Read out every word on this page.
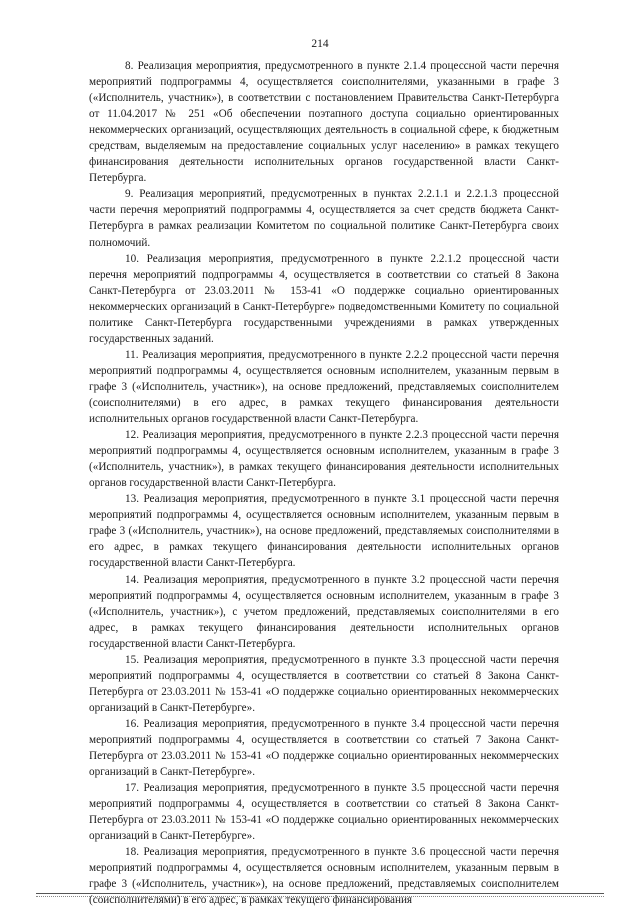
214

8. Реализация мероприятия, предусмотренного в пункте 2.1.4 процессной части перечня мероприятий подпрограммы 4, осуществляется соисполнителями, указанными в графе 3 («Исполнитель, участник»), в соответствии с постановлением Правительства Санкт-Петербурга от 11.04.2017 № 251 «Об обеспечении поэтапного доступа социально ориентированных некоммерческих организаций, осуществляющих деятельность в социальной сфере, к бюджетным средствам, выделяемым на предоставление социальных услуг населению» в рамках текущего финансирования деятельности исполнительных органов государственной власти Санкт-Петербурга.

9. Реализация мероприятий, предусмотренных в пунктах 2.2.1.1 и 2.2.1.3 процессной части перечня мероприятий подпрограммы 4, осуществляется за счет средств бюджета Санкт-Петербурга в рамках реализации Комитетом по социальной политике Санкт-Петербурга своих полномочий.

10. Реализация мероприятия, предусмотренного в пункте 2.2.1.2 процессной части перечня мероприятий подпрограммы 4, осуществляется в соответствии со статьей 8 Закона Санкт-Петербурга от 23.03.2011 № 153-41 «О поддержке социально ориентированных некоммерческих организаций в Санкт-Петербурге» подведомственными Комитету по социальной политике Санкт-Петербурга государственными учреждениями в рамках утвержденных государственных заданий.

11. Реализация мероприятия, предусмотренного в пункте 2.2.2 процессной части перечня мероприятий подпрограммы 4, осуществляется основным исполнителем, указанным первым в графе 3 («Исполнитель, участник»), на основе предложений, представляемых соисполнителем (соисполнителями) в его адрес, в рамках текущего финансирования деятельности исполнительных органов государственной власти Санкт-Петербурга.

12. Реализация мероприятия, предусмотренного в пункте 2.2.3 процессной части перечня мероприятий подпрограммы 4, осуществляется основным исполнителем, указанным в графе 3 («Исполнитель, участник»), в рамках текущего финансирования деятельности исполнительных органов государственной власти Санкт-Петербурга.

13. Реализация мероприятия, предусмотренного в пункте 3.1 процессной части перечня мероприятий подпрограммы 4, осуществляется основным исполнителем, указанным первым в графе 3 («Исполнитель, участник»), на основе предложений, представляемых соисполнителями в его адрес, в рамках текущего финансирования деятельности исполнительных органов государственной власти Санкт-Петербурга.

14. Реализация мероприятия, предусмотренного в пункте 3.2 процессной части перечня мероприятий подпрограммы 4, осуществляется основным исполнителем, указанным в графе 3 («Исполнитель, участник»), с учетом предложений, представляемых соисполнителями в его адрес, в рамках текущего финансирования деятельности исполнительных органов государственной власти Санкт-Петербурга.

15. Реализация мероприятия, предусмотренного в пункте 3.3 процессной части перечня мероприятий подпрограммы 4, осуществляется в соответствии со статьей 8 Закона Санкт-Петербурга от 23.03.2011 № 153-41 «О поддержке социально ориентированных некоммерческих организаций в Санкт-Петербурге».

16. Реализация мероприятия, предусмотренного в пункте 3.4 процессной части перечня мероприятий подпрограммы 4, осуществляется в соответствии со статьей 7 Закона Санкт-Петербурга от 23.03.2011 № 153-41 «О поддержке социально ориентированных некоммерческих организаций в Санкт-Петербурге».

17. Реализация мероприятия, предусмотренного в пункте 3.5 процессной части перечня мероприятий подпрограммы 4, осуществляется в соответствии со статьей 8 Закона Санкт-Петербурга от 23.03.2011 № 153-41 «О поддержке социально ориентированных некоммерческих организаций в Санкт-Петербурге».

18. Реализация мероприятия, предусмотренного в пункте 3.6 процессной части перечня мероприятий подпрограммы 4, осуществляется основным исполнителем, указанным первым в графе 3 («Исполнитель, участник»), на основе предложений, представляемых соисполнителем (соисполнителями) в его адрес, в рамках текущего финансирования
